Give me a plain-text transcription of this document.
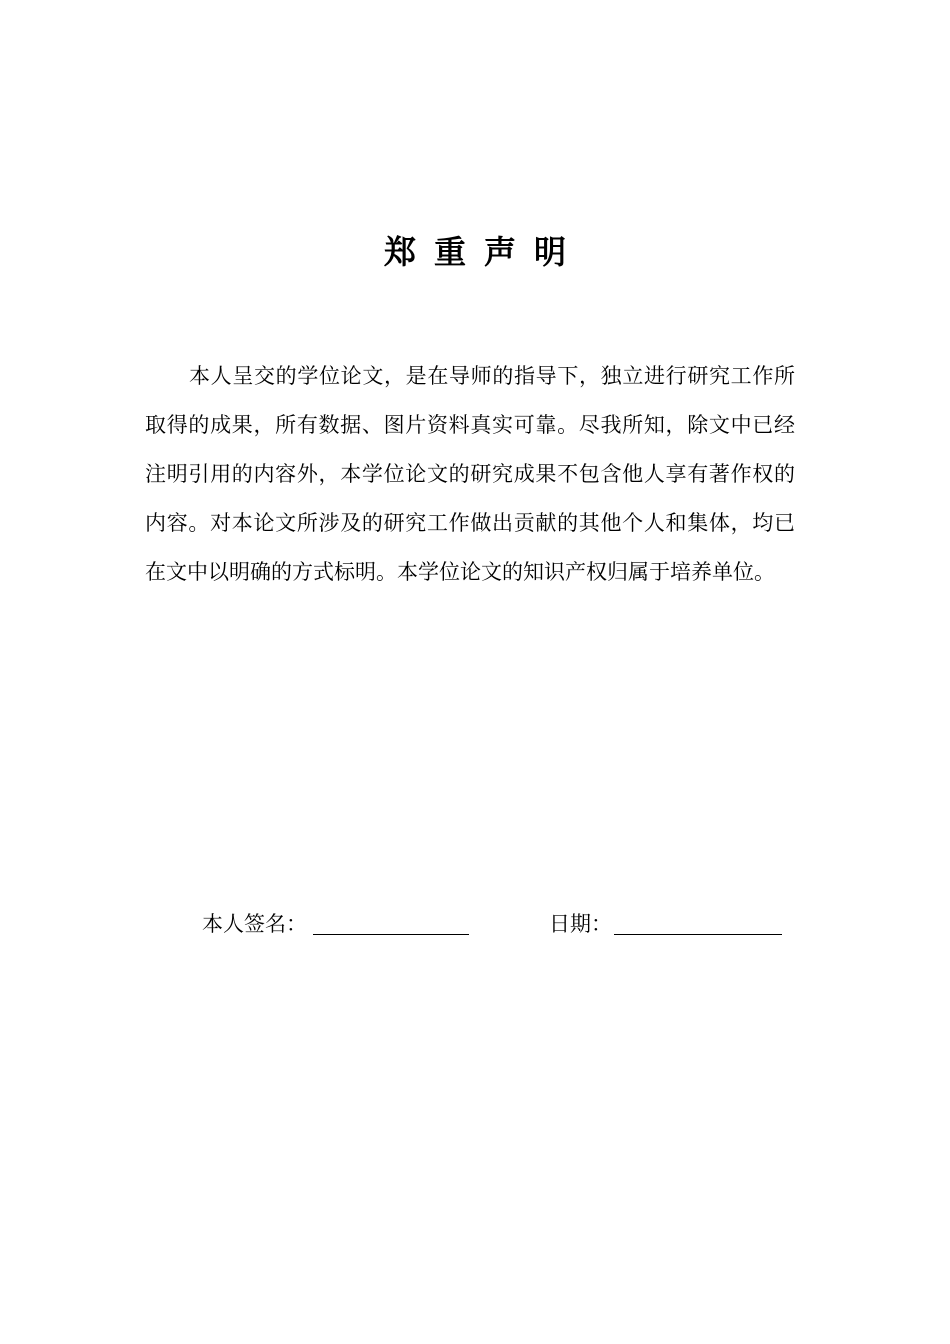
郑重声明

本人呈交的学位论文，是在导师的指导下，独立进行研究工作所取得的成果，所有数据、图片资料真实可靠。尽我所知，除文中已经注明引用的内容外，本学位论文的研究成果不包含他人享有著作权的内容。对本论文所涉及的研究工作做出贡献的其他个人和集体，均已在文中以明确的方式标明。本学位论文的知识产权归属于培养单位。

本人签名：	日期：
